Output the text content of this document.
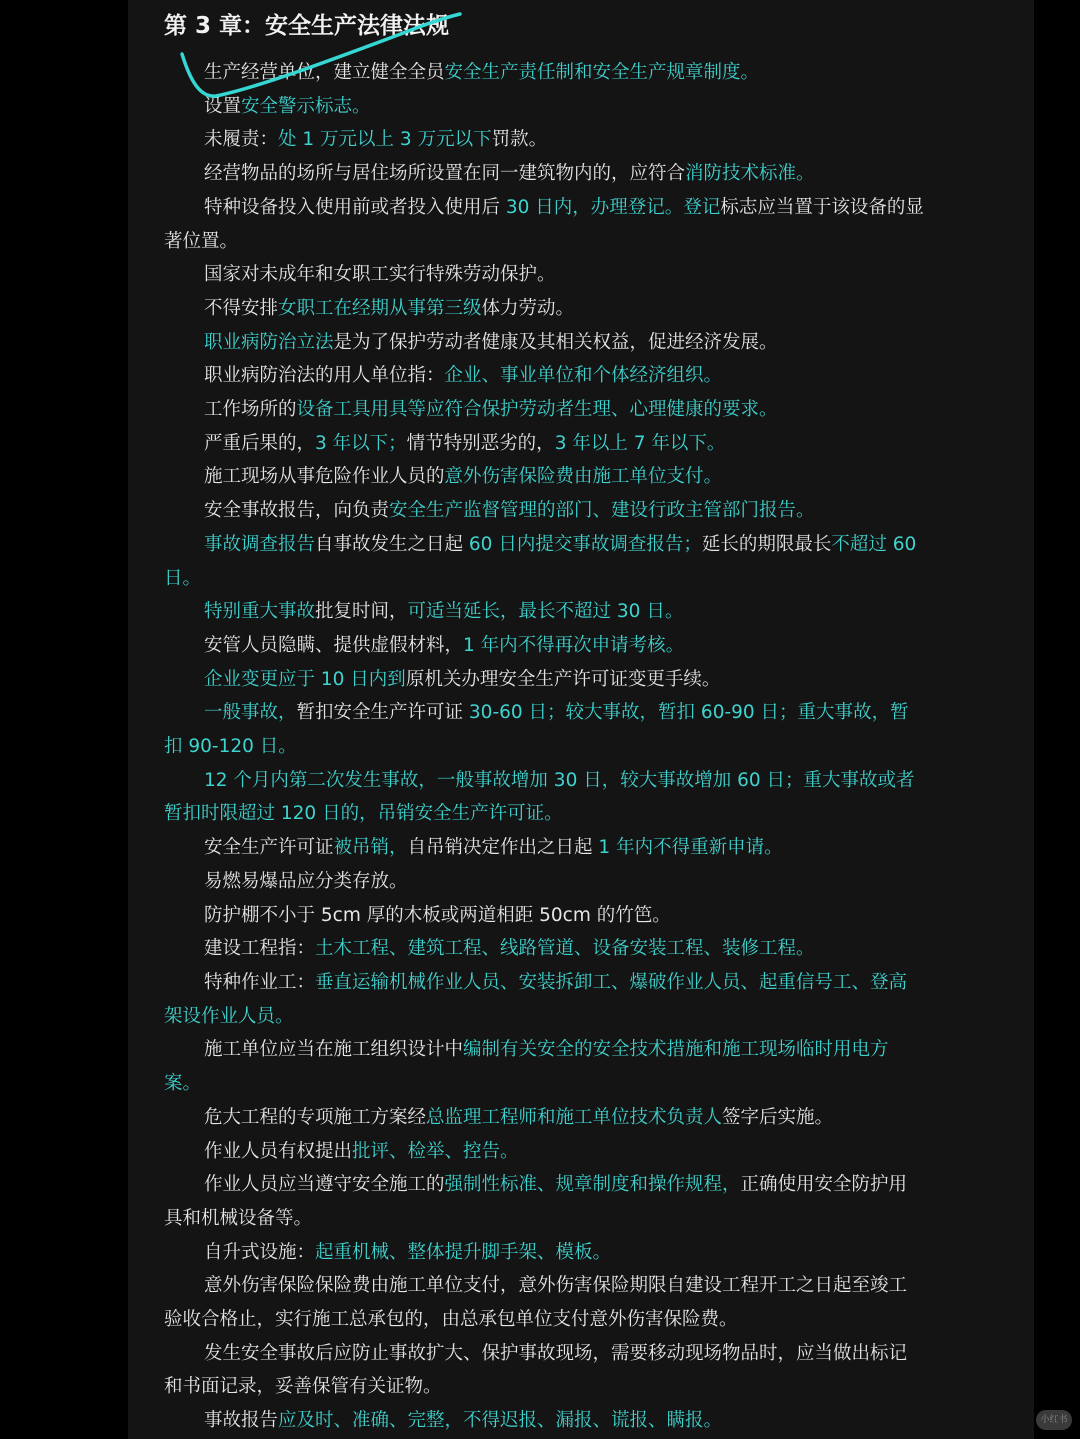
第 3 章：安全生产法律法规

生产经营单位，建立健全全员安全生产责任制和安全生产规章制度。

设置安全警示标志。

未履责：处 1 万元以上 3 万元以下罚款。

经营物品的场所与居住场所设置在同一建筑物内的，应符合消防技术标准。

特种设备投入使用前或者投入使用后 30 日内，办理登记。登记标志应当置于该设备的显著位置。

国家对未成年和女职工实行特殊劳动保护。

不得安排女职工在经期从事第三级体力劳动。

职业病防治立法是为了保护劳动者健康及其相关权益，促进经济发展。

职业病防治法的用人单位指：企业、事业单位和个体经济组织。

工作场所的设备工具用具等应符合保护劳动者生理、心理健康的要求。

严重后果的，3 年以下；情节特别恶劣的，3 年以上 7 年以下。

施工现场从事危险作业人员的意外伤害保险费由施工单位支付。

安全事故报告，向负责安全生产监督管理的部门、建设行政主管部门报告。

事故调查报告自事故发生之日起 60 日内提交事故调查报告；延长的期限最长不超过 60 日。

特别重大事故批复时间，可适当延长，最长不超过 30 日。

安管人员隐瞒、提供虚假材料，1 年内不得再次申请考核。

企业变更应于 10 日内到原机关办理安全生产许可证变更手续。

一般事故，暂扣安全生产许可证 30-60 日；较大事故，暂扣 60-90 日；重大事故，暂扣 90-120 日。

12 个月内第二次发生事故，一般事故增加 30 日，较大事故增加 60 日；重大事故或者暂扣时限超过 120 日的，吊销安全生产许可证。

安全生产许可证被吊销，自吊销决定作出之日起 1 年内不得重新申请。

易燃易爆品应分类存放。

防护棚不小于 5cm 厚的木板或两道相距 50cm 的竹笆。

建设工程指：土木工程、建筑工程、线路管道、设备安装工程、装修工程。

特种作业工：垂直运输机械作业人员、安装拆卸工、爆破作业人员、起重信号工、登高架设作业人员。

施工单位应当在施工组织设计中编制有关安全的安全技术措施和施工现场临时用电方案。

危大工程的专项施工方案经总监理工程师和施工单位技术负责人签字后实施。

作业人员有权提出批评、检举、控告。

作业人员应当遵守安全施工的强制性标准、规章制度和操作规程，正确使用安全防护用具和机械设备等。

自升式设施：起重机械、整体提升脚手架、模板。

意外伤害保险保险费由施工单位支付，意外伤害保险期限自建设工程开工之日起至竣工验收合格止，实行施工总承包的，由总承包单位支付意外伤害保险费。

发生安全事故后应防止事故扩大、保护事故现场，需要移动现场物品时，应当做出标记和书面记录，妥善保管有关证物。

事故报告应及时、准确、完整，不得迟报、漏报、谎报、瞒报。	小红书
